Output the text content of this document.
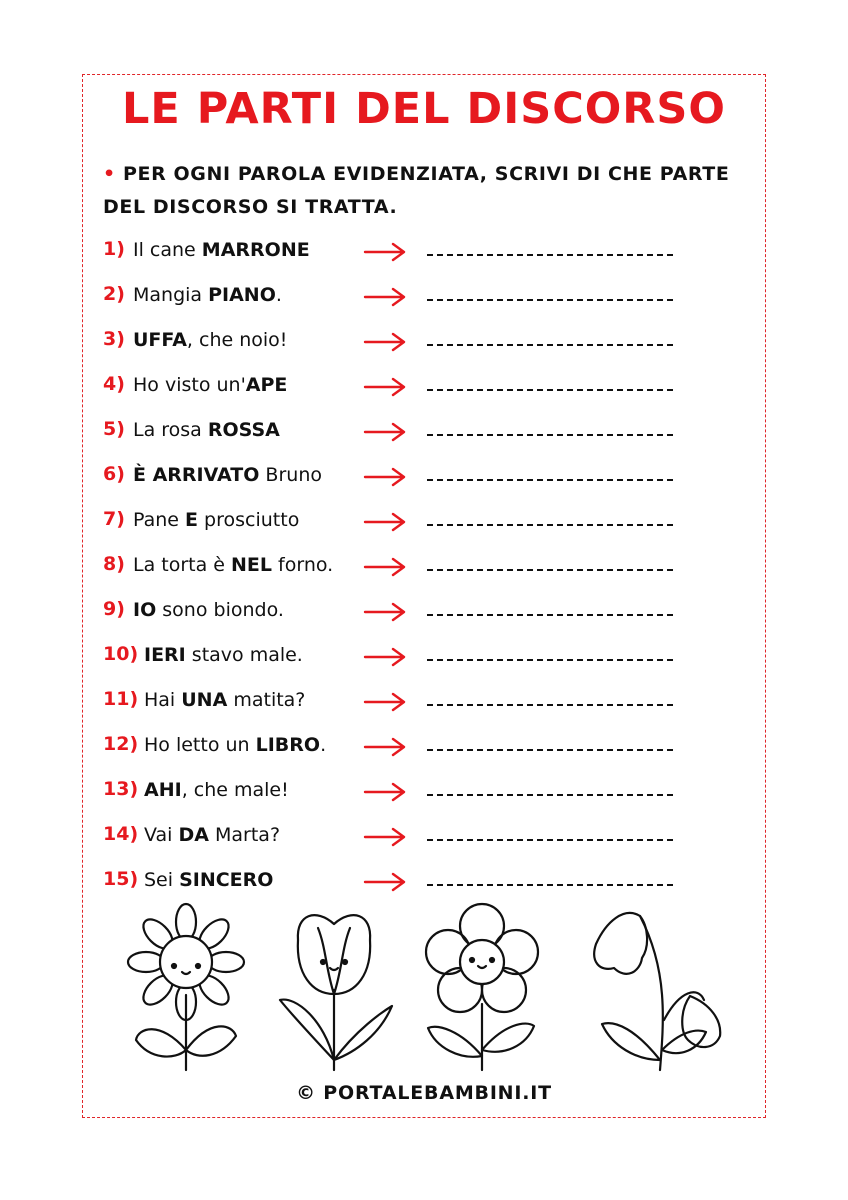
LE PARTI DEL DISCORSO

• PER OGNI PAROLA EVIDENZIATA, SCRIVI DI CHE PARTE DEL DISCORSO SI TRATTA.

1) Il cane MARRONE
2) Mangia PIANO.
3) UFFA, che noio!
4) Ho visto un'APE
5) La rosa ROSSA
6) È ARRIVATO Bruno
7) Pane E prosciutto
8) La torta è NEL forno.
9) IO sono biondo.
10) IERI stavo male.
11) Hai UNA matita?
12) Ho letto un LIBRO.
13) AHI, che male!
14) Vai DA Marta?
15) Sei SINCERO

© PORTALEBAMBINI.IT
